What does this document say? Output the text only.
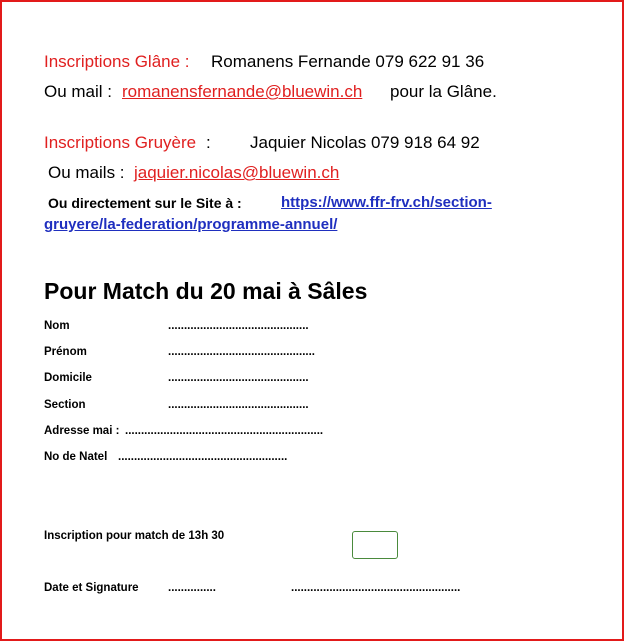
Inscriptions Glâne : Romanens Fernande 079 622 91 36
Ou mail : romanensfernande@bluewin.ch pour la Glâne.
Inscriptions Gruyère : Jaquier Nicolas 079 918 64 92
Ou mails : jaquier.nicolas@bluewin.ch
Ou directement sur le Site à :	https://www.ffr-frv.ch/section-
gruyere/la-federation/programme-annuel/
Pour Match du 20 mai à Sâles
Nom	............................................
Prénom	..............................................
Domicile	............................................
Section	............................................
Adresse mai : ..............................................................
No de Natel .....................................................
Inscription pour match de 13h 30
Date et Signature	...............	.....................................................
